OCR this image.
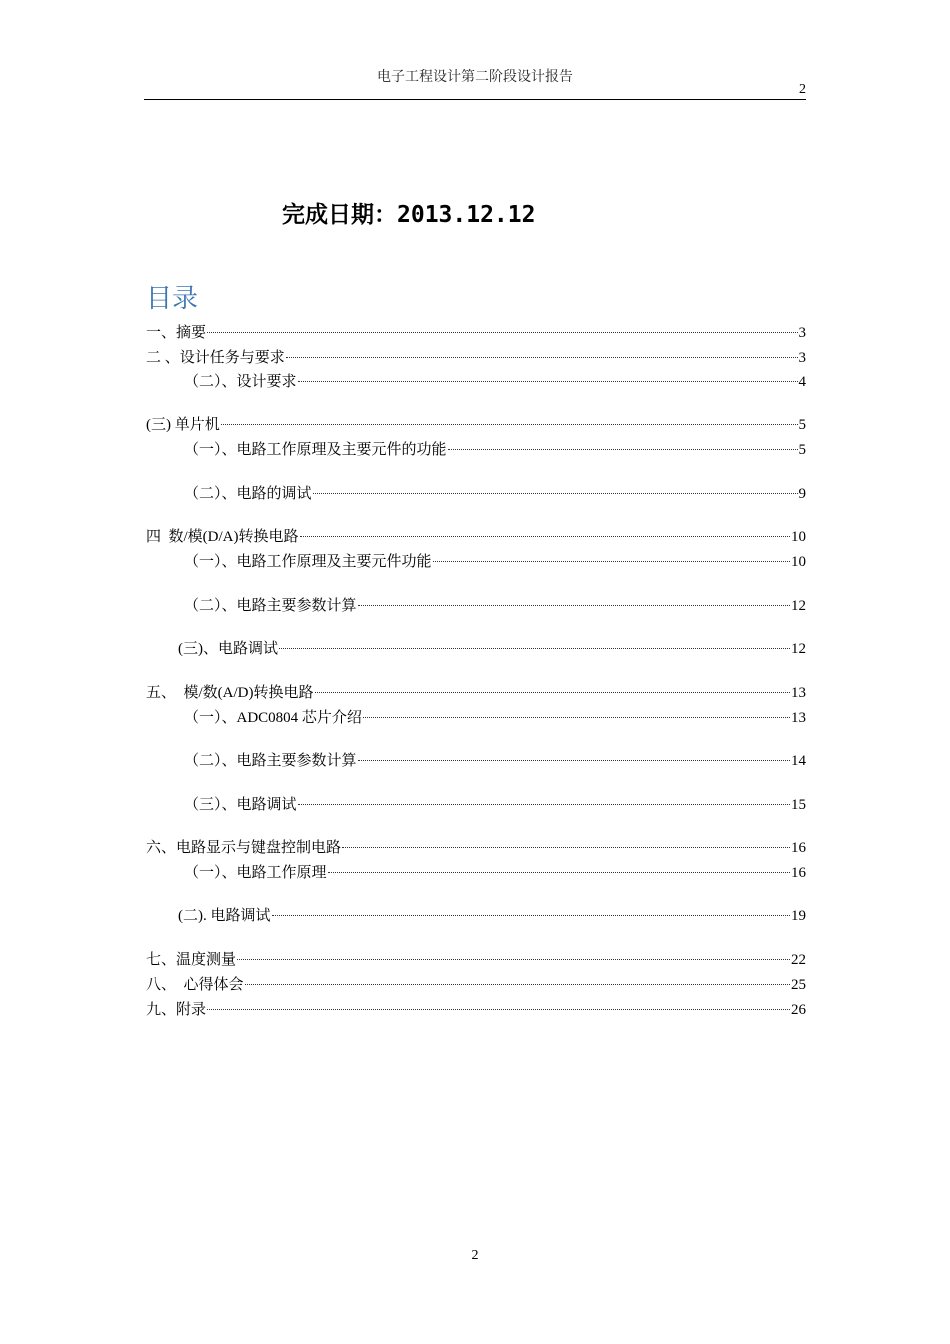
电子工程设计第二阶段设计报告
2
完成日期：2013.12.12
目录
一、摘要	3
二 、设计任务与要求	3
（二）、设计要求	4
(三) 单片机	5
（一）、电路工作原理及主要元件的功能	5
（二）、电路的调试	9
四  数/模(D/A)转换电路	10
（一）、电路工作原理及主要元件功能	10
（二）、电路主要参数计算	12
(三)、电路调试	12
五、  模/数(A/D)转换电路	13
（一）、ADC0804 芯片介绍	13
（二）、电路主要参数计算	14
（三）、电路调试	15
六、电路显示与键盘控制电路	16
（一）、电路工作原理	16
(二). 电路调试	19
七、温度测量	22
八、  心得体会	25
九、附录	26
2
